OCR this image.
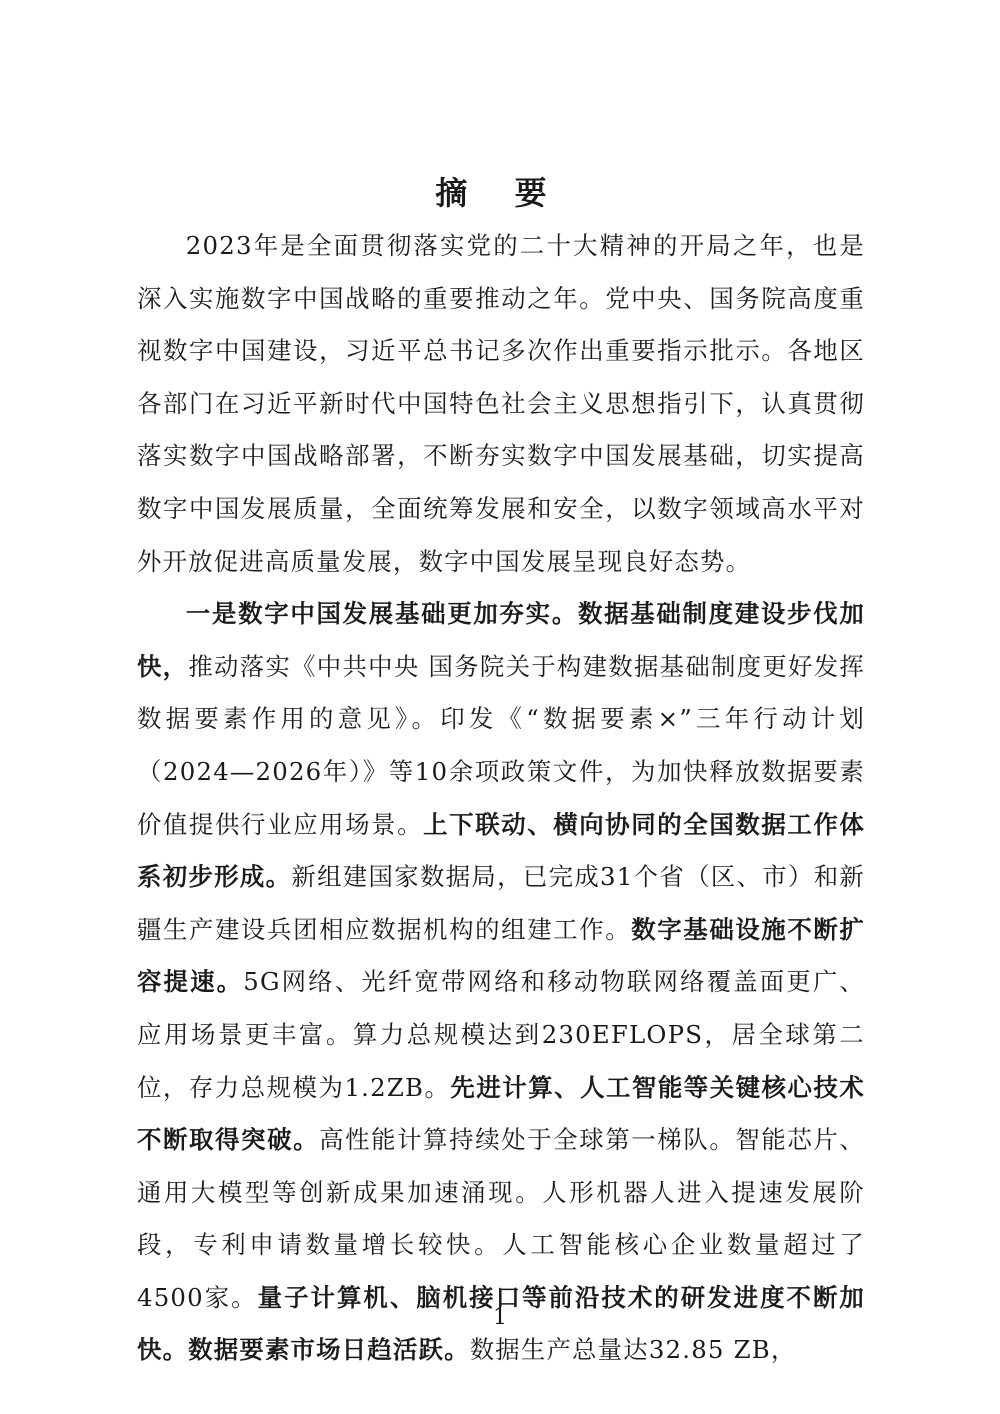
摘 要

2023年是全面贯彻落实党的二十大精神的开局之年，也是深入实施数字中国战略的重要推动之年。党中央、国务院高度重视数字中国建设，习近平总书记多次作出重要指示批示。各地区各部门在习近平新时代中国特色社会主义思想指引下，认真贯彻落实数字中国战略部署，不断夯实数字中国发展基础，切实提高数字中国发展质量，全面统筹发展和安全，以数字领域高水平对外开放促进高质量发展，数字中国发展呈现良好态势。

一是数字中国发展基础更加夯实。数据基础制度建设步伐加快，推动落实《中共中央 国务院关于构建数据基础制度更好发挥数据要素作用的意见》。印发《“数据要素×”三年行动计划（2024—2026年）》等10余项政策文件，为加快释放数据要素价值提供行业应用场景。上下联动、横向协同的全国数据工作体系初步形成。新组建国家数据局，已完成31个省（区、市）和新疆生产建设兵团相应数据机构的组建工作。数字基础设施不断扩容提速。5G网络、光纤宽带网络和移动物联网络覆盖面更广、应用场景更丰富。算力总规模达到230EFLOPS，居全球第二位，存力总规模为1.2ZB。先进计算、人工智能等关键核心技术不断取得突破。高性能计算持续处于全球第一梯队。智能芯片、通用大模型等创新成果加速涌现。人形机器人进入提速发展阶段，专利申请数量增长较快。人工智能核心企业数量超过了4500家。量子计算机、脑机接口等前沿技术的研发进度不断加快。数据要素市场日趋活跃。数据生产总量达32.85 ZB，

1
